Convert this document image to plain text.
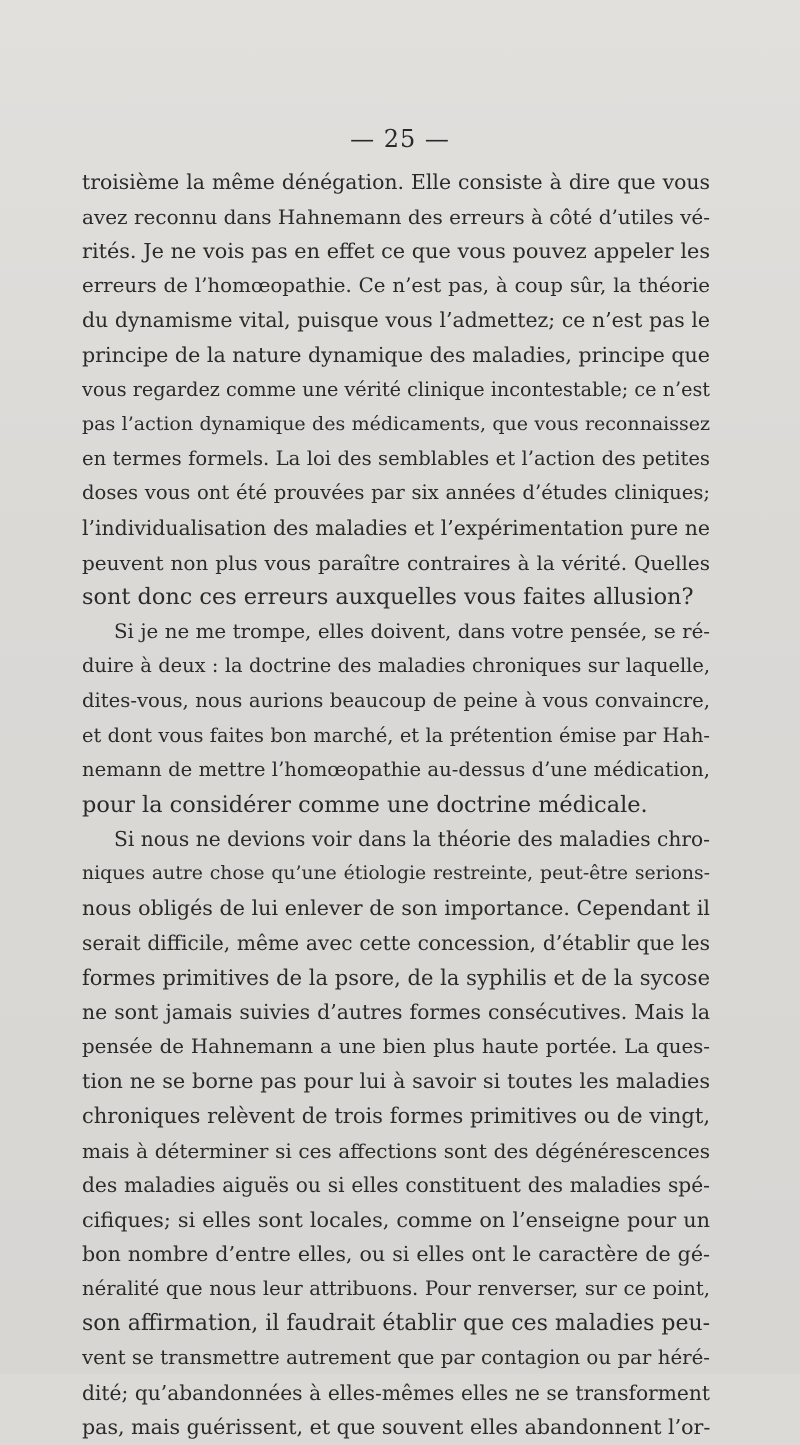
— 25 —
troisième la même dénégation. Elle consiste à dire que vous
avez reconnu dans Hahnemann des erreurs à côté d’utiles vé-
rités. Je ne vois pas en effet ce que vous pouvez appeler les
erreurs de l’homœopathie. Ce n’est pas, à coup sûr, la théorie
du dynamisme vital, puisque vous l’admettez; ce n’est pas le
principe de la nature dynamique des maladies, principe que
vous regardez comme une vérité clinique incontestable; ce n’est
pas l’action dynamique des médicaments, que vous reconnaissez
en termes formels. La loi des semblables et l’action des petites
doses vous ont été prouvées par six années d’études cliniques;
l’individualisation des maladies et l’expérimentation pure ne
peuvent non plus vous paraître contraires à la vérité. Quelles
sont donc ces erreurs auxquelles vous faites allusion?
Si je ne me trompe, elles doivent, dans votre pensée, se ré-
duire à deux : la doctrine des maladies chroniques sur laquelle,
dites-vous, nous aurions beaucoup de peine à vous convaincre,
et dont vous faites bon marché, et la prétention émise par Hah-
nemann de mettre l’homœopathie au-dessus d’une médication,
pour la considérer comme une doctrine médicale.
Si nous ne devions voir dans la théorie des maladies chro-
niques autre chose qu’une étiologie restreinte, peut-être serions-
nous obligés de lui enlever de son importance. Cependant il
serait difficile, même avec cette concession, d’établir que les
formes primitives de la psore, de la syphilis et de la sycose
ne sont jamais suivies d’autres formes consécutives. Mais la
pensée de Hahnemann a une bien plus haute portée. La ques-
tion ne se borne pas pour lui à savoir si toutes les maladies
chroniques relèvent de trois formes primitives ou de vingt,
mais à déterminer si ces affections sont des dégénérescences
des maladies aiguës ou si elles constituent des maladies spé-
cifiques; si elles sont locales, comme on l’enseigne pour un
bon nombre d’entre elles, ou si elles ont le caractère de gé-
néralité que nous leur attribuons. Pour renverser, sur ce point,
son affirmation, il faudrait établir que ces maladies peu-
vent se transmettre autrement que par contagion ou par héré-
dité; qu’abandonnées à elles-mêmes elles ne se transforment
pas, mais guérissent, et que souvent elles abandonnent l’or-
